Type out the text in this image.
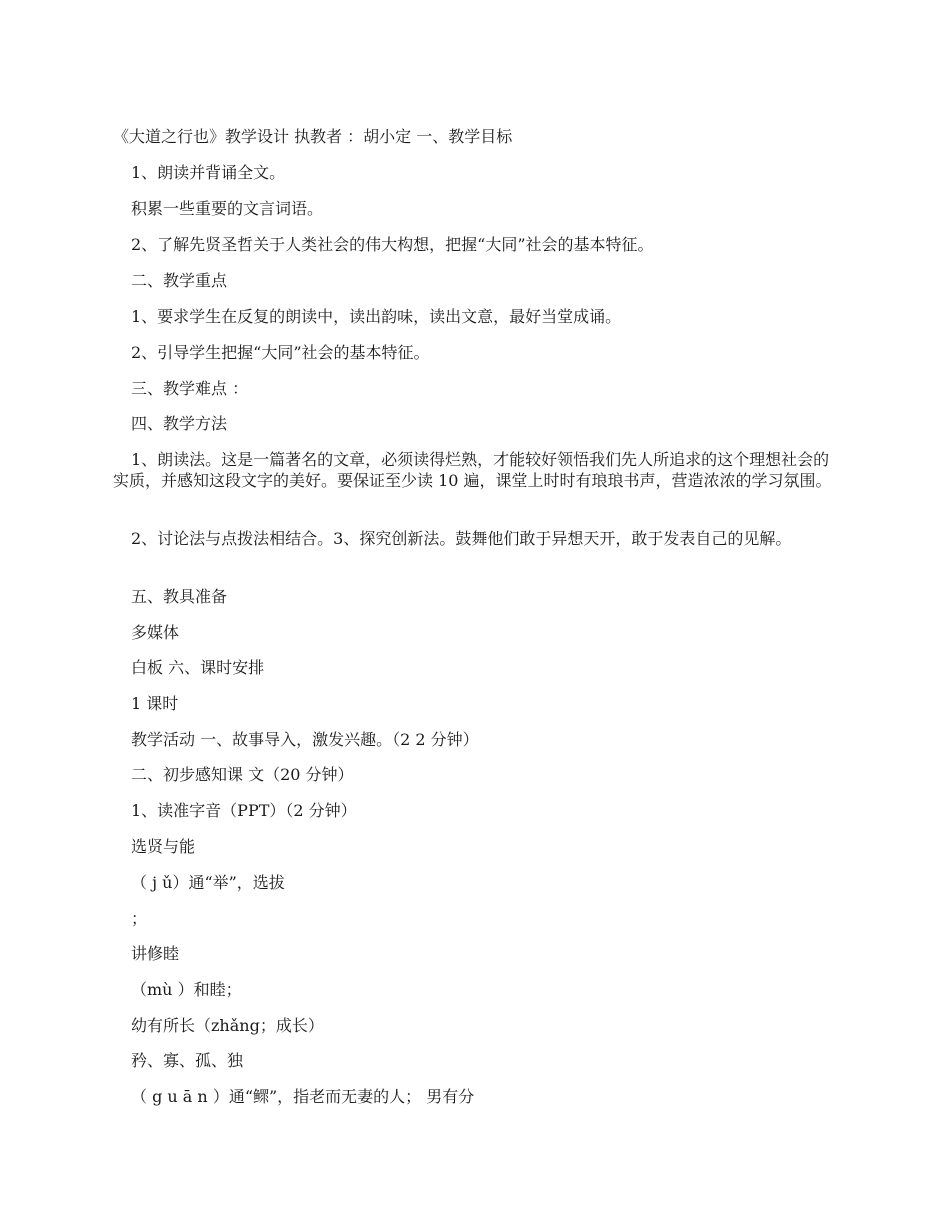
《大道之行也》教学设计 执教者 ：胡小定 一、教学目标
1、朗读并背诵全文。
积累一些重要的文言词语。
2、了解先贤圣哲关于人类社会的伟大构想，把握“大同”社会的基本特征。
二、教学重点
1、要求学生在反复的朗读中，读出韵味，读出文意，最好当堂成诵。
2、引导学生把握“大同”社会的基本特征。
三、教学难点 ：
四、教学方法
1、朗读法。这是一篇著名的文章，必须读得烂熟，才能较好领悟我们先人所追求的这个理想社会的实质，并感知这段文字的美好。要保证至少读 10 遍，课堂上时时有琅琅书声，营造浓浓的学习氛围。
2、讨论法与点拨法相结合。3、探究创新法。鼓舞他们敢于异想天开，敢于发表自己的见解。
五、教具准备
多媒体
白板 六、课时安排
1 课时
教学活动 一、故事导入，激发兴趣。（2 2 分钟）
二、初步感知课 文（20 分钟）
1、读准字音（PPT）（2 分钟）
选贤与能
（ j ǔ）通“举”，选拔
；
讲修睦
（mù ）和睦；
幼有所长（zhǎng；成长）
矜、寡、孤、独
（ g u ā n ）通“鳏”，指老而无妻的人； 男有分
